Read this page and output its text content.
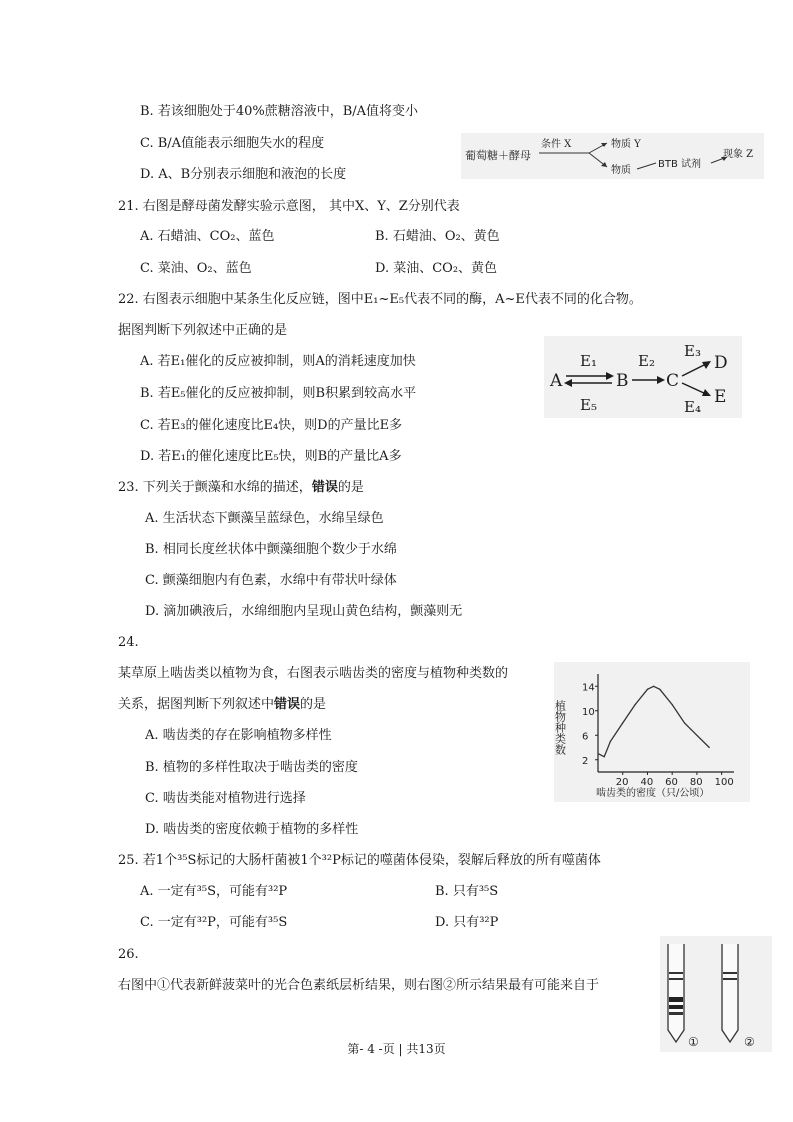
B. 若该细胞处于40%蔗糖溶液中，B/A值将变小
C. B/A值能表示细胞失水的程度
D. A、B分别表示细胞和液泡的长度
葡萄糖＋酵母
条件 X	物质 Y
物质
BTB 试剂
现象 Z
21. 右图是酵母菌发酵实验示意图， 其中X、Y、Z分别代表
A. 石蜡油、CO₂、蓝色	B. 石蜡油、O₂、黄色
C. 菜油、O₂、蓝色	D. 菜油、CO₂、黄色
22. 右图表示细胞中某条生化反应链，图中E₁~E₅代表不同的酶，A~E代表不同的化合物。
据图判断下列叙述中正确的是
A. 若E₁催化的反应被抑制，则A的消耗速度加快
B. 若E₅催化的反应被抑制，则B积累到较高水平
C. 若E₃的催化速度比E₄快，则D的产量比E多
D. 若E₁的催化速度比E₅快，则B的产量比A多
A	B C
D
E
E₁	E₂
E₃
E₄
E₅
23. 下列关于颤藻和水绵的描述，错误的是
A. 生活状态下颤藻呈蓝绿色，水绵呈绿色
B. 相同长度丝状体中颤藻细胞个数少于水绵
C. 颤藻细胞内有色素，水绵中有带状叶绿体
D. 滴加碘液后，水绵细胞内呈现山黄色结构，颤藻则无
24.
某草原上啮齿类以植物为食，右图表示啮齿类的密度与植物种类数的
关系，据图判断下列叙述中错误的是
A. 啮齿类的存在影响植物多样性
B. 植物的多样性取决于啮齿类的密度
C. 啮齿类能对植物进行选择
D. 啮齿类的密度依赖于植物的多样性
植物种类数
啮齿类的密度（只/公顷）
2
6
10
14
20 40 60 80 100
25. 若1个³⁵S标记的大肠杆菌被1个³²P标记的噬菌体侵染，裂解后释放的所有噬菌体
A. 一定有³⁵S，可能有³²P	B. 只有³⁵S
C. 一定有³²P，可能有³⁵S	D. 只有³²P
26.
右图中①代表新鲜菠菜叶的光合色素纸层析结果，则右图②所示结果最有可能来自于
①	②
第- 4 -页 | 共13页
